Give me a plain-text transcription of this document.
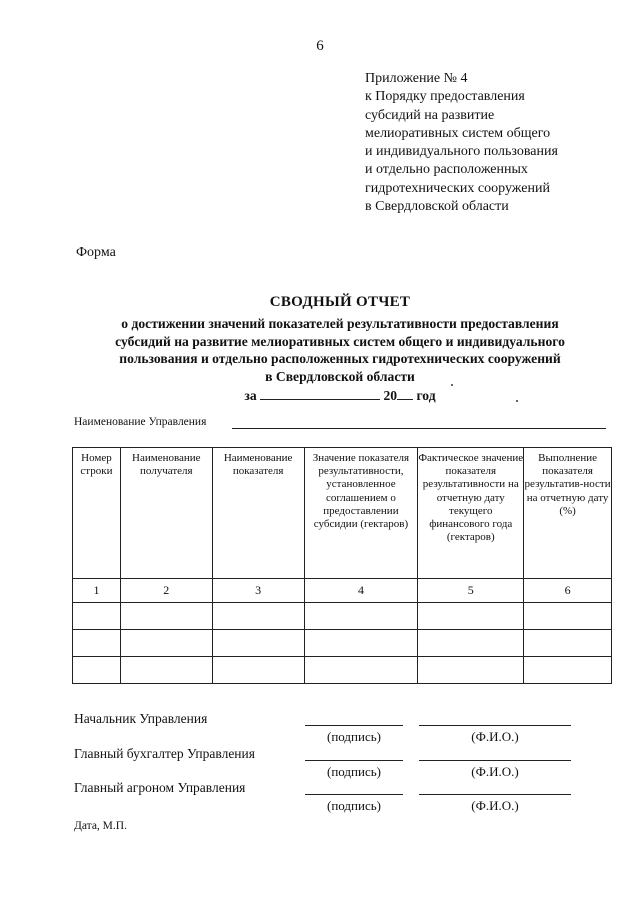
6
Приложение № 4
к Порядку предоставления
субсидий на развитие
мелиоративных систем общего
и индивидуального пользования
и отдельно расположенных
гидротехнических сооружений
в Свердловской области
Форма
СВОДНЫЙ ОТЧЕТ
о достижении значений показателей результативности предоставления
субсидий на развитие мелиоративных систем общего и индивидуального
пользования и отдельно расположенных гидротехнических сооружений
в Свердловской области
за	20 год
Наименование Управления
Номер строки	Наименование получателя	Наименование показателя	Значение показателя результативности, установленное соглашением о предоставлении субсидии (гектаров)	Фактическое значение показателя результативности на отчетную дату текущего финансового года (гектаров)	Выполнение показателя результатив-ности на отчетную дату (%)
1	2	3	4	5	6

Начальник Управления
(подпись)	(Ф.И.О.)
Главный бухгалтер Управления
(подпись)	(Ф.И.О.)
Главный агроном Управления
(подпись)	(Ф.И.О.)
Дата, М.П.
